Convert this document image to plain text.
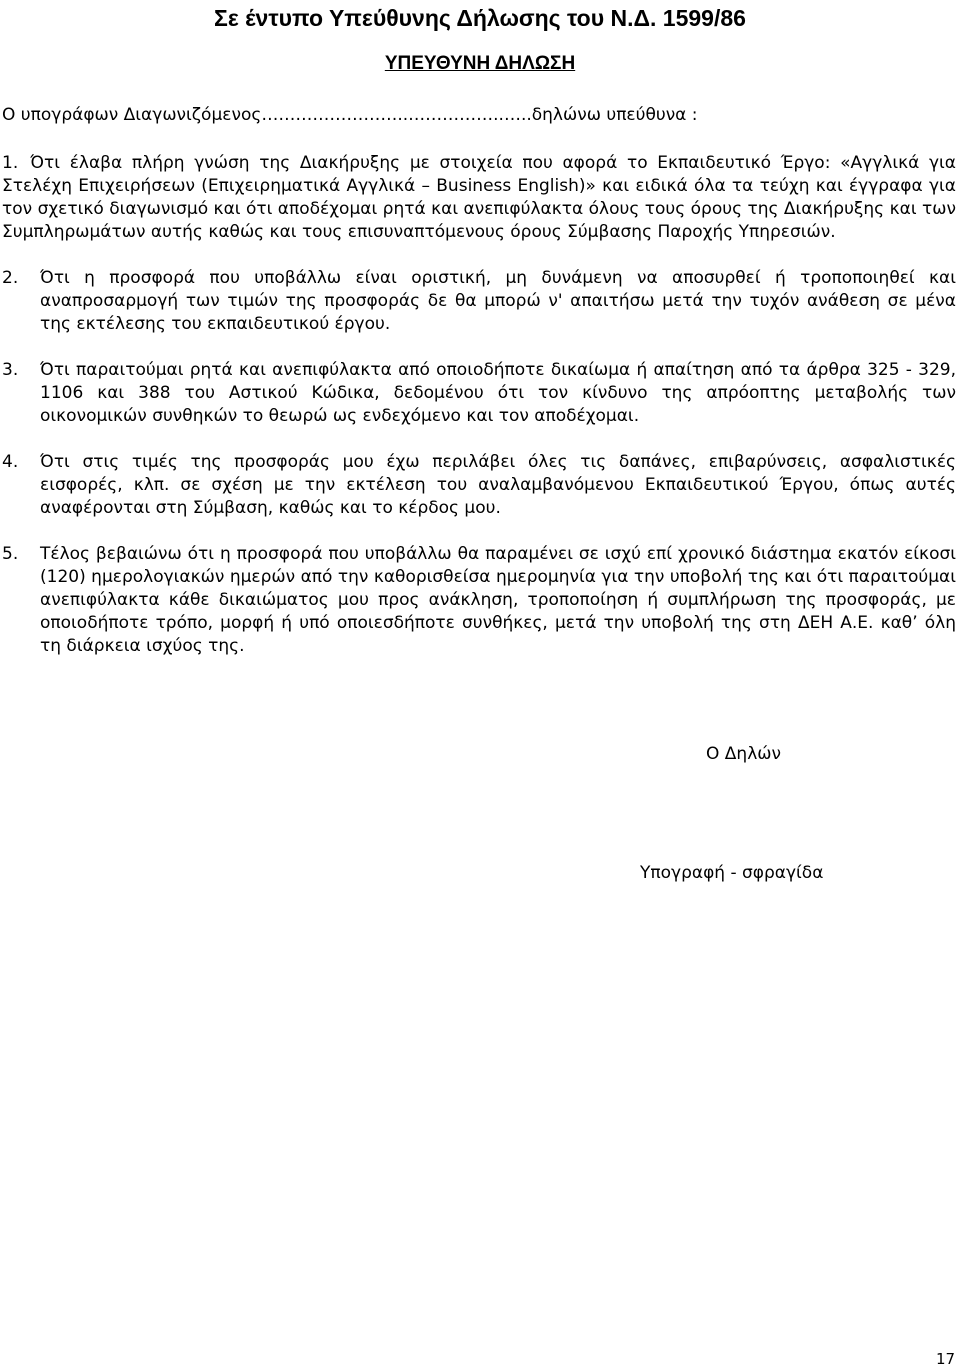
Σε έντυπο Υπεύθυνης Δήλωσης του Ν.Δ. 1599/86
ΥΠΕΥΘΥΝΗ ΔΗΛΩΣΗ
Ο υπογράφων Διαγωνιζόμενος……………………..……………..…..δηλώνω υπεύθυνα :

1. Ότι έλαβα πλήρη γνώση της Διακήρυξης με στοιχεία που αφορά το Εκπαιδευτικό Έργο: «Αγγλικά για Στελέχη Επιχειρήσεων (Επιχειρηματικά Αγγλικά – Business English)» και ειδικά όλα τα τεύχη και έγγραφα για τον σχετικό διαγωνισμό και ότι αποδέχομαι ρητά και ανεπιφύλακτα όλους τους όρους της Διακήρυξης και των Συμπληρωμάτων αυτής καθώς και τους επισυναπτόμενους όρους Σύμβασης Παροχής Υπηρεσιών.

2. Ότι η προσφορά που υποβάλλω είναι οριστική, μη δυνάμενη να αποσυρθεί ή τροποποιηθεί και αναπροσαρμογή των τιμών της προσφοράς δε θα μπορώ ν' απαιτήσω μετά την τυχόν ανάθεση σε μένα της εκτέλεσης του εκπαιδευτικού έργου.

3. Ότι παραιτούμαι ρητά και ανεπιφύλακτα από οποιοδήποτε δικαίωμα ή απαίτηση από τα άρθρα 325 - 329, 1106 και 388 του Αστικού Κώδικα, δεδομένου ότι τον κίνδυνο της απρόοπτης μεταβολής των οικονομικών συνθηκών το θεωρώ ως ενδεχόμενο και τον αποδέχομαι.

4. Ότι στις τιμές της προσφοράς μου έχω περιλάβει όλες τις δαπάνες, επιβαρύνσεις, ασφαλιστικές εισφορές, κλπ. σε σχέση με την εκτέλεση του αναλαμβανόμενου Εκπαιδευτικού Έργου, όπως αυτές αναφέρονται στη Σύμβαση, καθώς και το κέρδος μου.

5. Τέλος βεβαιώνω ότι η προσφορά που υποβάλλω θα παραμένει σε ισχύ επί χρονικό διάστημα εκατόν είκοσι (120) ημερολογιακών ημερών από την καθορισθείσα ημερομηνία για την υποβολή της και ότι παραιτούμαι ανεπιφύλακτα κάθε δικαιώματος μου προς ανάκληση, τροποποίηση ή συμπλήρωση της προσφοράς, με οποιοδήποτε τρόπο, μορφή ή υπό οποιεσδήποτε συνθήκες, μετά την υποβολή της στη ΔΕΗ Α.Ε. καθ’ όλη τη διάρκεια ισχύος της.

Ο Δηλών
Υπογραφή - σφραγίδα
17
